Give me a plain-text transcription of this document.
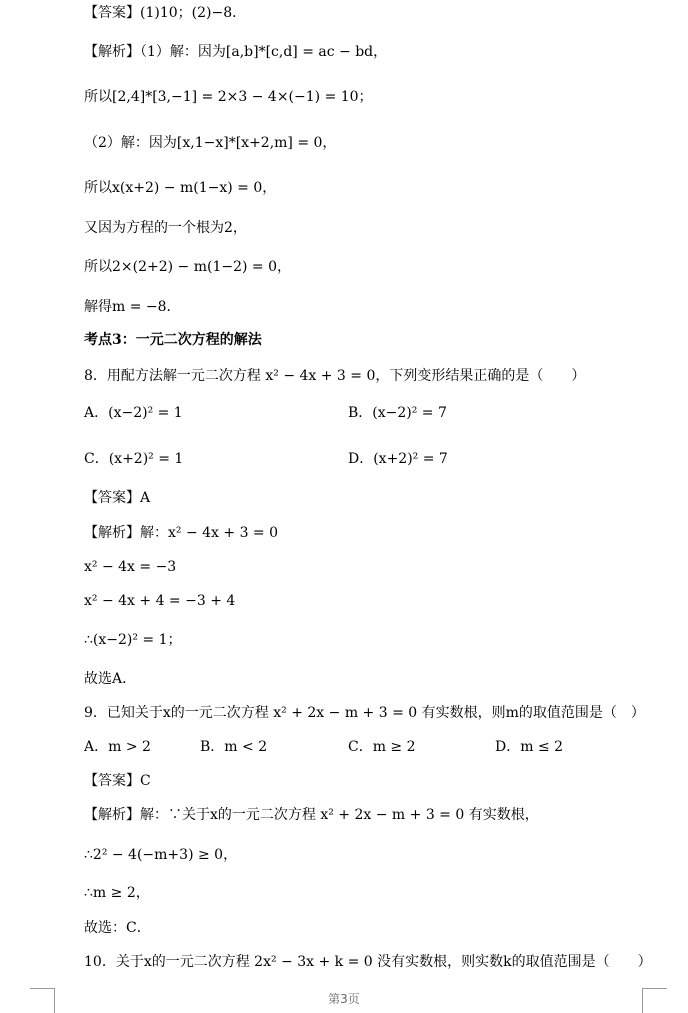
【答案】(1)10；(2)−8．
【解析】（1）解：因为[a,b]*[c,d] = ac − bd，
所以[2,4]*[3,−1] = 2×3 − 4×(−1) = 10；
（2）解：因为[x,1−x]*[x+2,m] = 0，
所以x(x+2) − m(1−x) = 0，
又因为方程的一个根为2，
所以2×(2+2) − m(1−2) = 0，
解得m = −8．
考点3：一元二次方程的解法
8．用配方法解一元二次方程 x² − 4x + 3 = 0，下列变形结果正确的是（　　）
A．(x−2)² = 1	B．(x−2)² = 7
C．(x+2)² = 1	D．(x+2)² = 7
【答案】A
【解析】解：x² − 4x + 3 = 0
x² − 4x = −3
x² − 4x + 4 = −3 + 4
∴(x−2)² = 1；
故选A．
9．已知关于x的一元二次方程 x² + 2x − m + 3 = 0 有实数根，则m的取值范围是（　）
A．m > 2	B．m < 2	C．m ≥ 2	D．m ≤ 2
【答案】C
【解析】解：∵关于x的一元二次方程 x² + 2x − m + 3 = 0 有实数根，
∴2² − 4(−m+3) ≥ 0，
∴m ≥ 2，
故选：C．
10．关于x的一元二次方程 2x² − 3x + k = 0 没有实数根，则实数k的取值范围是（　　）
第3页
